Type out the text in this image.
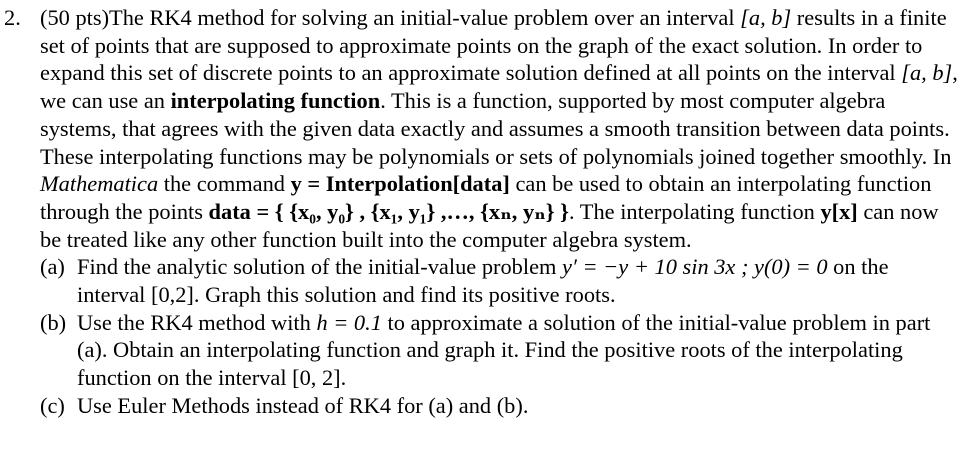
2. (50 pts)The RK4 method for solving an initial-value problem over an interval [a, b] results in a finite set of points that are supposed to approximate points on the graph of the exact solution. In order to expand this set of discrete points to an approximate solution defined at all points on the interval [a, b], we can use an interpolating function. This is a function, supported by most computer algebra systems, that agrees with the given data exactly and assumes a smooth transition between data points. These interpolating functions may be polynomials or sets of polynomials joined together smoothly. In Mathematica the command y = Interpolation[data] can be used to obtain an interpolating function through the points data = { {x₀, y₀} , {x₁, y₁} ,…, {xₙ, yₙ} }. The interpolating function y[x] can now be treated like any other function built into the computer algebra system.
(a) Find the analytic solution of the initial-value problem y′ = −y + 10 sin 3x ; y(0) = 0 on the interval [0,2]. Graph this solution and find its positive roots.
(b) Use the RK4 method with h = 0.1 to approximate a solution of the initial-value problem in part (a). Obtain an interpolating function and graph it. Find the positive roots of the interpolating function on the interval [0, 2].
(c) Use Euler Methods instead of RK4 for (a) and (b).
